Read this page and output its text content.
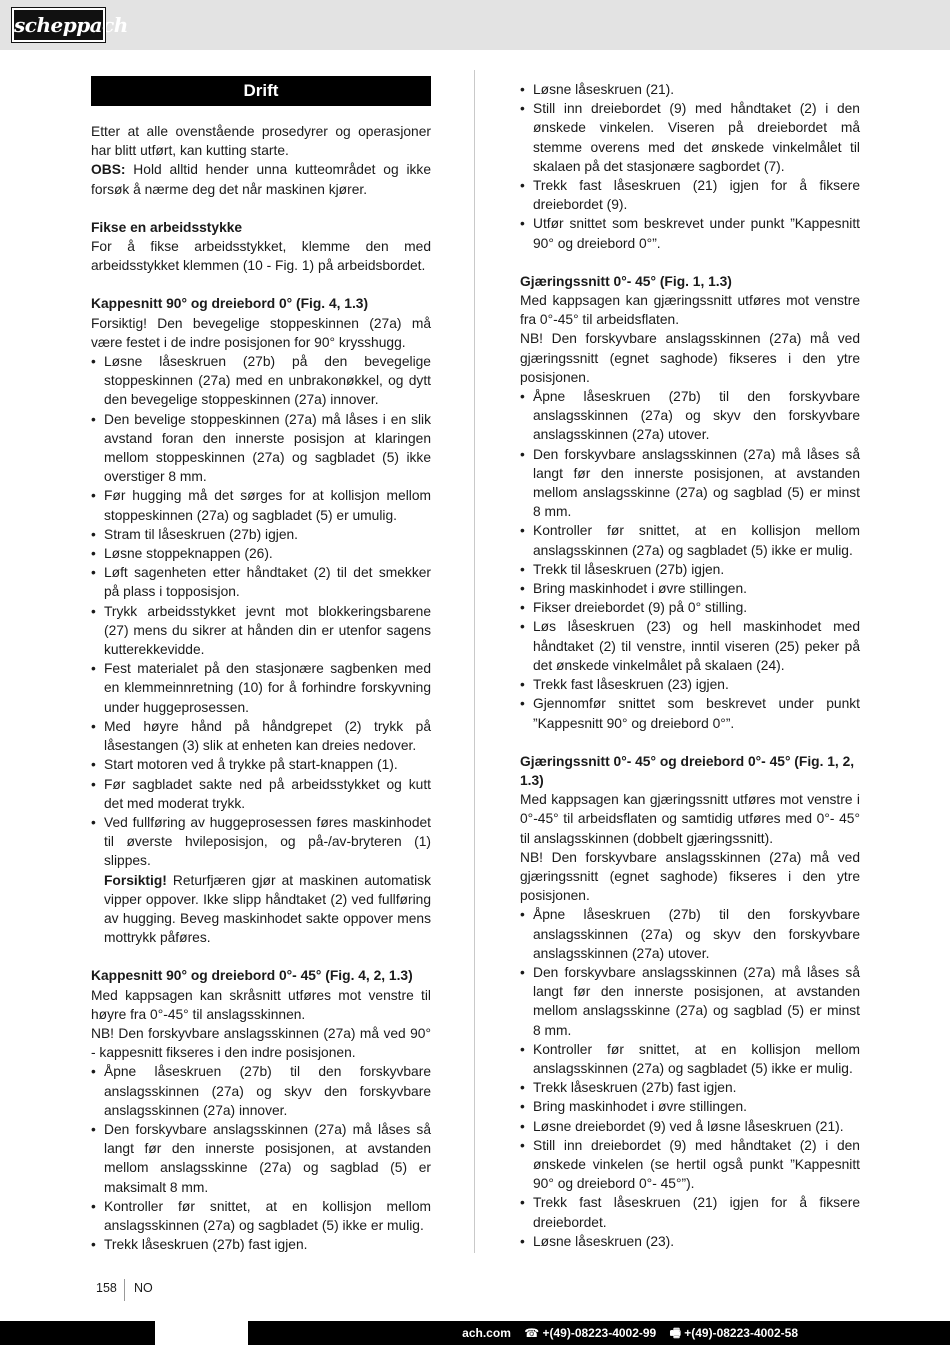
scheppach
Drift

Etter at alle ovenstående prosedyrer og operasjoner har blitt utført, kan kutting starte.

OBS: Hold alltid hender unna kutteområdet og ikke forsøk å nærme deg det når maskinen kjører.

Fikse en arbeidsstykke

For å fikse arbeidsstykket, klemme den med arbeidsstykket klemmen (10 - Fig. 1) på arbeidsbordet.

Kappesnitt 90° og dreiebord 0° (Fig. 4, 1.3)

Forsiktig! Den bevegelige stoppeskinnen (27a) må være festet i de indre posisjonen for 90° krysshugg.

• Løsne låseskruen (27b) på den bevegelige stoppeskinnen (27a) med en unbrakonøkkel, og dytt den bevegelige stoppeskinnen (27a) innover.
• Den bevelige stoppeskinnen (27a) må låses i en slik avstand foran den innerste posisjon at klaringen mellom stoppeskinnen (27a) og sagbladet (5) ikke overstiger 8 mm.
• Før hugging må det sørges for at kollisjon mellom stoppeskinnen (27a) og sagbladet (5) er umulig.
• Stram til låseskruen (27b) igjen.
• Løsne stoppeknappen (26).
• Løft sagenheten etter håndtaket (2) til det smekker på plass i topposisjon.
• Trykk arbeidsstykket jevnt mot blokkeringsbarene (27) mens du sikrer at hånden din er utenfor sagens kutterekkevidde.
• Fest materialet på den stasjonære sagbenken med en klemmeinnretning (10) for å forhindre forskyvning under huggeprosessen.
• Med høyre hånd på håndgrepet (2) trykk på låsestangen (3) slik at enheten kan dreies nedover.
• Start motoren ved å trykke på start-knappen (1).
• Før sagbladet sakte ned på arbeidsstykket og kutt det med moderat trykk.
• Ved fullføring av huggeprosessen føres maskinhodet til øverste hvileposisjon, og på-/av-bryteren (1) slippes.

Forsiktig! Returfjæren gjør at maskinen automatisk vipper oppover. Ikke slipp håndtaket (2) ved fullføring av hugging. Beveg maskinhodet sakte oppover mens mottrykk påføres.

Kappesnitt 90° og dreiebord 0°- 45° (Fig. 4, 2, 1.3)

Med kappsagen kan skråsnitt utføres mot venstre til høyre fra 0°-45° til anslagsskinnen.

NB! Den forskyvbare anslagsskinnen (27a) må ved 90° - kappesnitt fikseres i den indre posisjonen.

• Åpne låseskruen (27b) til den forskyvbare anslagsskinnen (27a) og skyv den forskyvbare anslagsskinnen (27a) innover.
• Den forskyvbare anslagsskinnen (27a) må låses så langt før den innerste posisjonen, at avstanden mellom anslagsskinne (27a) og sagblad (5) er maksimalt 8 mm.
• Kontroller før snittet, at en kollisjon mellom anslagsskinnen (27a) og sagbladet (5) ikke er mulig.
• Trekk låseskruen (27b) fast igjen.
• Løsne låseskruen (21).
• Still inn dreiebordet (9) med håndtaket (2) i den ønskede vinkelen. Viseren på dreiebordet må stemme overens med det ønskede vinkelmålet til skalaen på det stasjonære sagbordet (7).
• Trekk fast låseskruen (21) igjen for å fiksere dreiebordet (9).
• Utfør snittet som beskrevet under punkt ”Kappesnitt 90° og dreiebord 0°”.

Gjæringssnitt 0°- 45° (Fig. 1, 1.3)

Med kappsagen kan gjæringssnitt utføres mot venstre fra 0°-45° til arbeidsflaten.

NB! Den forskyvbare anslagsskinnen (27a) må ved gjæringssnitt (egnet saghode) fikseres i den ytre posisjonen.

• Åpne låseskruen (27b) til den forskyvbare anslagsskinnen (27a) og skyv den forskyvbare anslagsskinnen (27a) utover.
• Den forskyvbare anslagsskinnen (27a) må låses så langt før den innerste posisjonen, at avstanden mellom anslagsskinne (27a) og sagblad (5) er minst 8 mm.
• Kontroller før snittet, at en kollisjon mellom anslagsskinnen (27a) og sagbladet (5) ikke er mulig.
• Trekk til låseskruen (27b) igjen.
• Bring maskinhodet i øvre stillingen.
• Fikser dreiebordet (9) på 0° stilling.
• Løs låseskruen (23) og hell maskinhodet med håndtaket (2) til venstre, inntil viseren (25) peker på det ønskede vinkelmålet på skalaen (24).
• Trekk fast låseskruen (23) igjen.
• Gjennomfør snittet som beskrevet under punkt ”Kappesnitt 90° og dreiebord 0°”.

Gjæringssnitt 0°- 45° og dreiebord 0°- 45° (Fig. 1, 2, 1.3)

Med kappsagen kan gjæringssnitt utføres mot venstre i 0°-45° til arbeidsflaten og samtidig utføres med 0°- 45° til anslagsskinnen (dobbelt gjæringssnitt).

NB! Den forskyvbare anslagsskinnen (27a) må ved gjæringssnitt (egnet saghode) fikseres i den ytre posisjonen.

• Åpne låseskruen (27b) til den forskyvbare anslagsskinnen (27a) og skyv den forskyvbare anslagsskinnen (27a) utover.
• Den forskyvbare anslagsskinnen (27a) må låses så langt før den innerste posisjonen, at avstanden mellom anslagsskinne (27a) og sagblad (5) er minst 8 mm.
• Kontroller før snittet, at en kollisjon mellom anslagsskinnen (27a) og sagbladet (5) ikke er mulig.
• Trekk låseskruen (27b) fast igjen.
• Bring maskinhodet i øvre stillingen.
• Løsne dreiebordet (9) ved å løsne låseskruen (21).
• Still inn dreiebordet (9) med håndtaket (2) i den ønskede vinkelen (se hertil også punkt ”Kappesnitt 90° og dreiebord 0°- 45°”).
• Trekk fast låseskruen (21) igjen for å fiksere dreiebordet.
• Løsne låseskruen (23).
158 NO
ach.com ☎ +(49)-08223-4002-99 🖷 +(49)-08223-4002-58
